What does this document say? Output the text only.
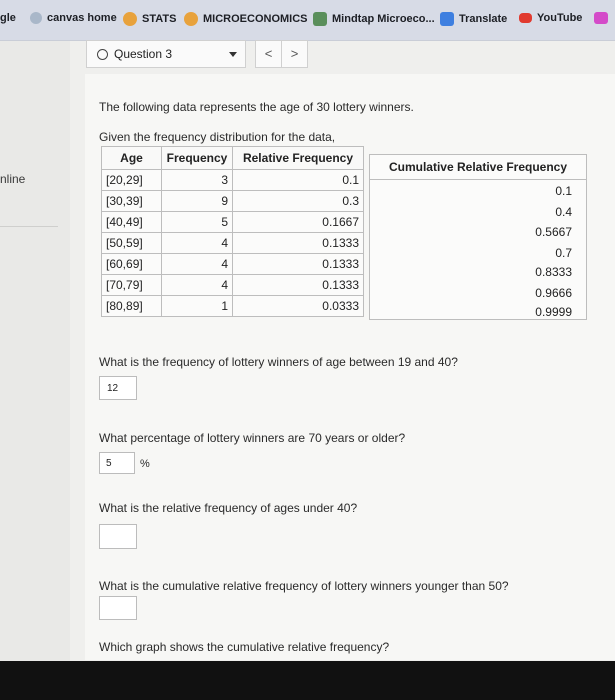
gle	canvas home STATS MICROECONOMICS Mindtap Microeco... Translate	YouTube
nline
Question 3	<	>
The following data represents the age of 30 lottery winners.
Given the frequency distribution for the data,
Age	Frequency	Relative Frequency
[20,29]	3	0.1
[30,39]	9	0.3
[40,49]	5	0.1667
[50,59]	4	0.1333
[60,69]	4	0.1333
[70,79]	4	0.1333
[80,89]	1	0.0333
Cumulative Relative Frequency
0.1
0.4
0.5667
0.7
0.8333
0.9666
0.9999
What is the frequency of lottery winners of age between 19 and 40?
12
What percentage of lottery winners are 70 years or older?
5	%
What is the relative frequency of ages under 40?
What is the cumulative relative frequency of lottery winners younger than 50?
Which graph shows the cumulative relative frequency?
